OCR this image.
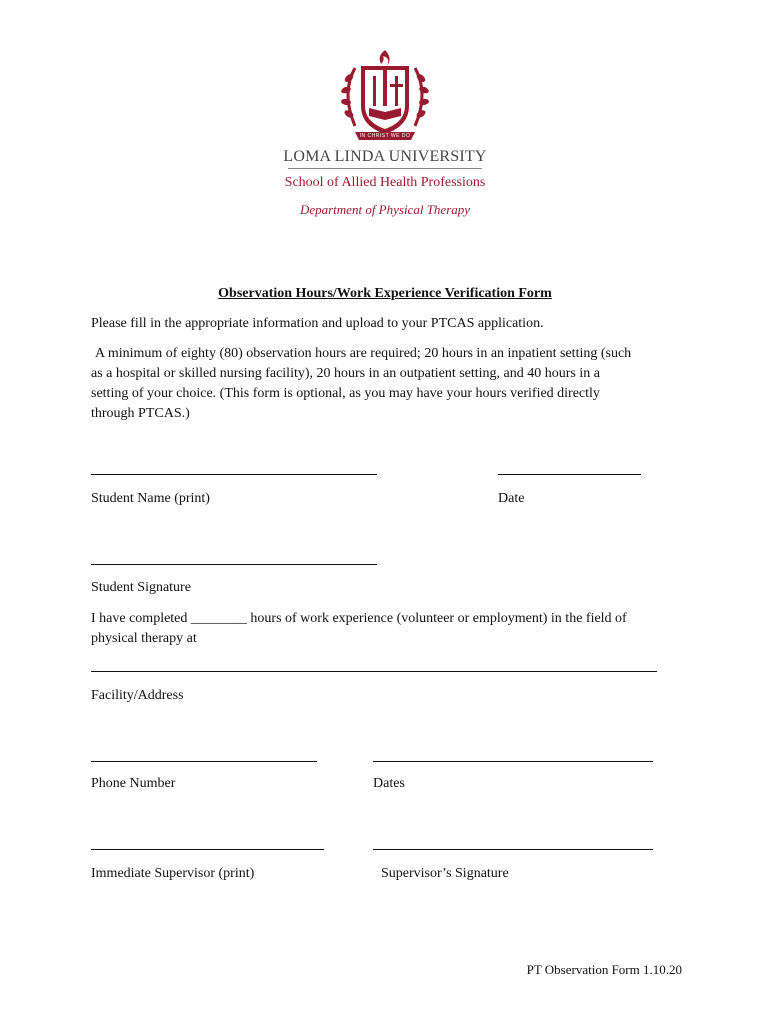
IN CHRIST WE DO
LOMA LINDA UNIVERSITY
School of Allied Health Professions
Department of Physical Therapy
Observation Hours/Work Experience Verification Form
Please fill in the appropriate information and upload to your PTCAS application.
A minimum of eighty (80) observation hours are required; 20 hours in an inpatient setting (such
as a hospital or skilled nursing facility), 20 hours in an outpatient setting, and 40 hours in a
setting of your choice. (This form is optional, as you may have your hours verified directly
through PTCAS.)
Student Name (print)	Date
Student Signature
I have completed ________ hours of work experience (volunteer or employment) in the field of
physical therapy at
Facility/Address
Phone Number	Dates
Immediate Supervisor (print)	Supervisor’s Signature
PT Observation Form 1.10.20
